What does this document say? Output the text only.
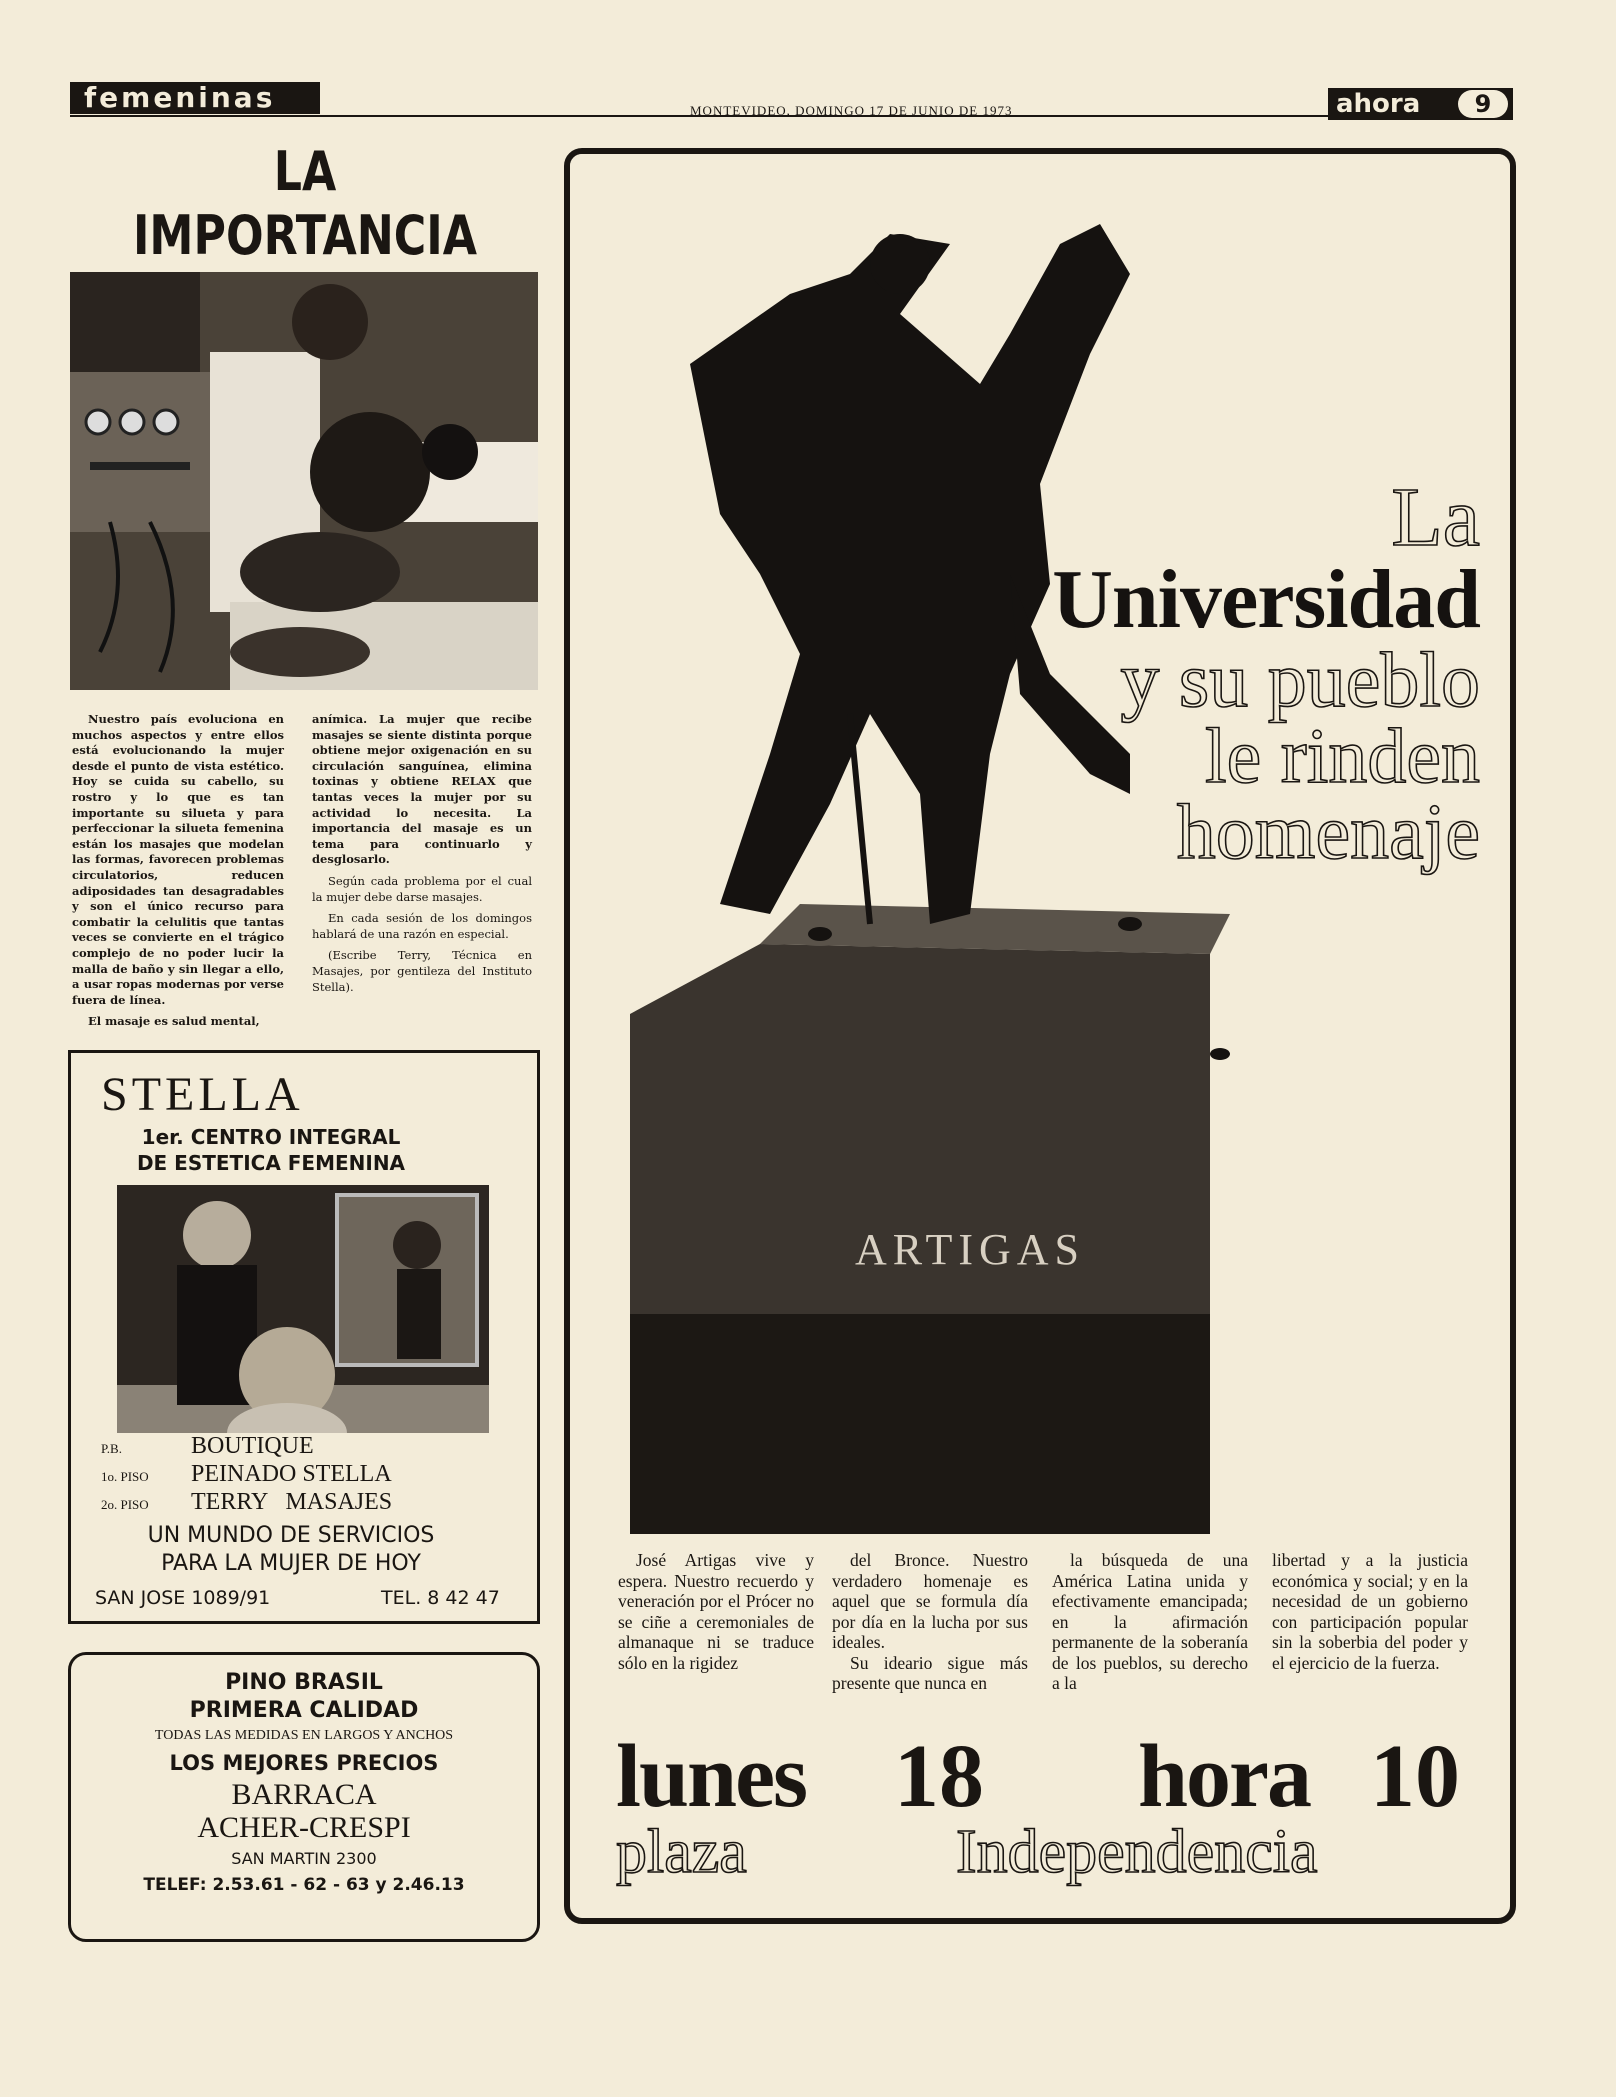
femeninas	MONTEVIDEO, DOMINGO 17 DE JUNIO DE 1973	ahora	9
LA IMPORTANCIA

Nuestro país evoluciona en muchos aspectos y entre ellos está evolucionando la mujer desde el punto de vista estético. Hoy se cuida su cabello, su rostro y lo que es tan importante su silueta y para perfeccionar la silueta femenina están los masajes que modelan las formas, favorecen problemas circulatorios, reducen adiposidades tan desagradables y son el único recurso para combatir la celulitis que tantas veces se convierte en el trágico complejo de no poder lucir la malla de baño y sin llegar a ello, a usar ropas modernas por verse fuera de línea.

El masaje es salud mental,

anímica. La mujer que recibe masajes se siente distinta porque obtiene mejor oxigenación en su circulación sanguínea, elimina toxinas y obtiene RELAX que tantas veces la mujer por su actividad lo necesita. La importancia del masaje es un tema para continuarlo y desglosarlo.

Según cada problema por el cual la mujer debe darse masajes.

En cada sesión de los domingos hablará de una razón en especial.

(Escribe Terry, Técnica en Masajes, por gentileza del Instituto Stella).

STELLA
1er. CENTRO INTEGRAL
DE ESTETICA FEMENINA
P.B.	BOUTIQUE
1o. PISO	PEINADO STELLA
2o. PISO	TERRY   MASAJES
UN MUNDO DE SERVICIOS
PARA LA MUJER DE HOY
SAN JOSE 1089/91	TEL. 8 42 47
PINO BRASIL
PRIMERA CALIDAD
TODAS LAS MEDIDAS EN LARGOS Y ANCHOS
LOS MEJORES PRECIOS
BARRACA
ACHER-CRESPI
SAN MARTIN 2300
TELEF: 2.53.61 - 62 - 63 y 2.46.13
ARTIGAS
La
Universidad
y su pueblo
le rinden
homenaje

José Artigas vive y espera. Nuestro recuerdo y veneración por el Prócer no se ciñe a ceremoniales de almanaque ni se traduce sólo en la rigidez

del Bronce. Nuestro verdadero homenaje es aquel que se formula día por día en la lucha por sus ideales.

Su ideario sigue más presente que nunca en

la búsqueda de una América Latina unida y efectivamente emancipada; en la afirmación permanente de la soberanía de los pueblos, su derecho a la

libertad y a la justicia económica y social; y en la necesidad de un gobierno con participación popular sin la soberbia del poder y el ejercicio de la fuerza.

lunes 18 hora 10
plaza	Independencia
